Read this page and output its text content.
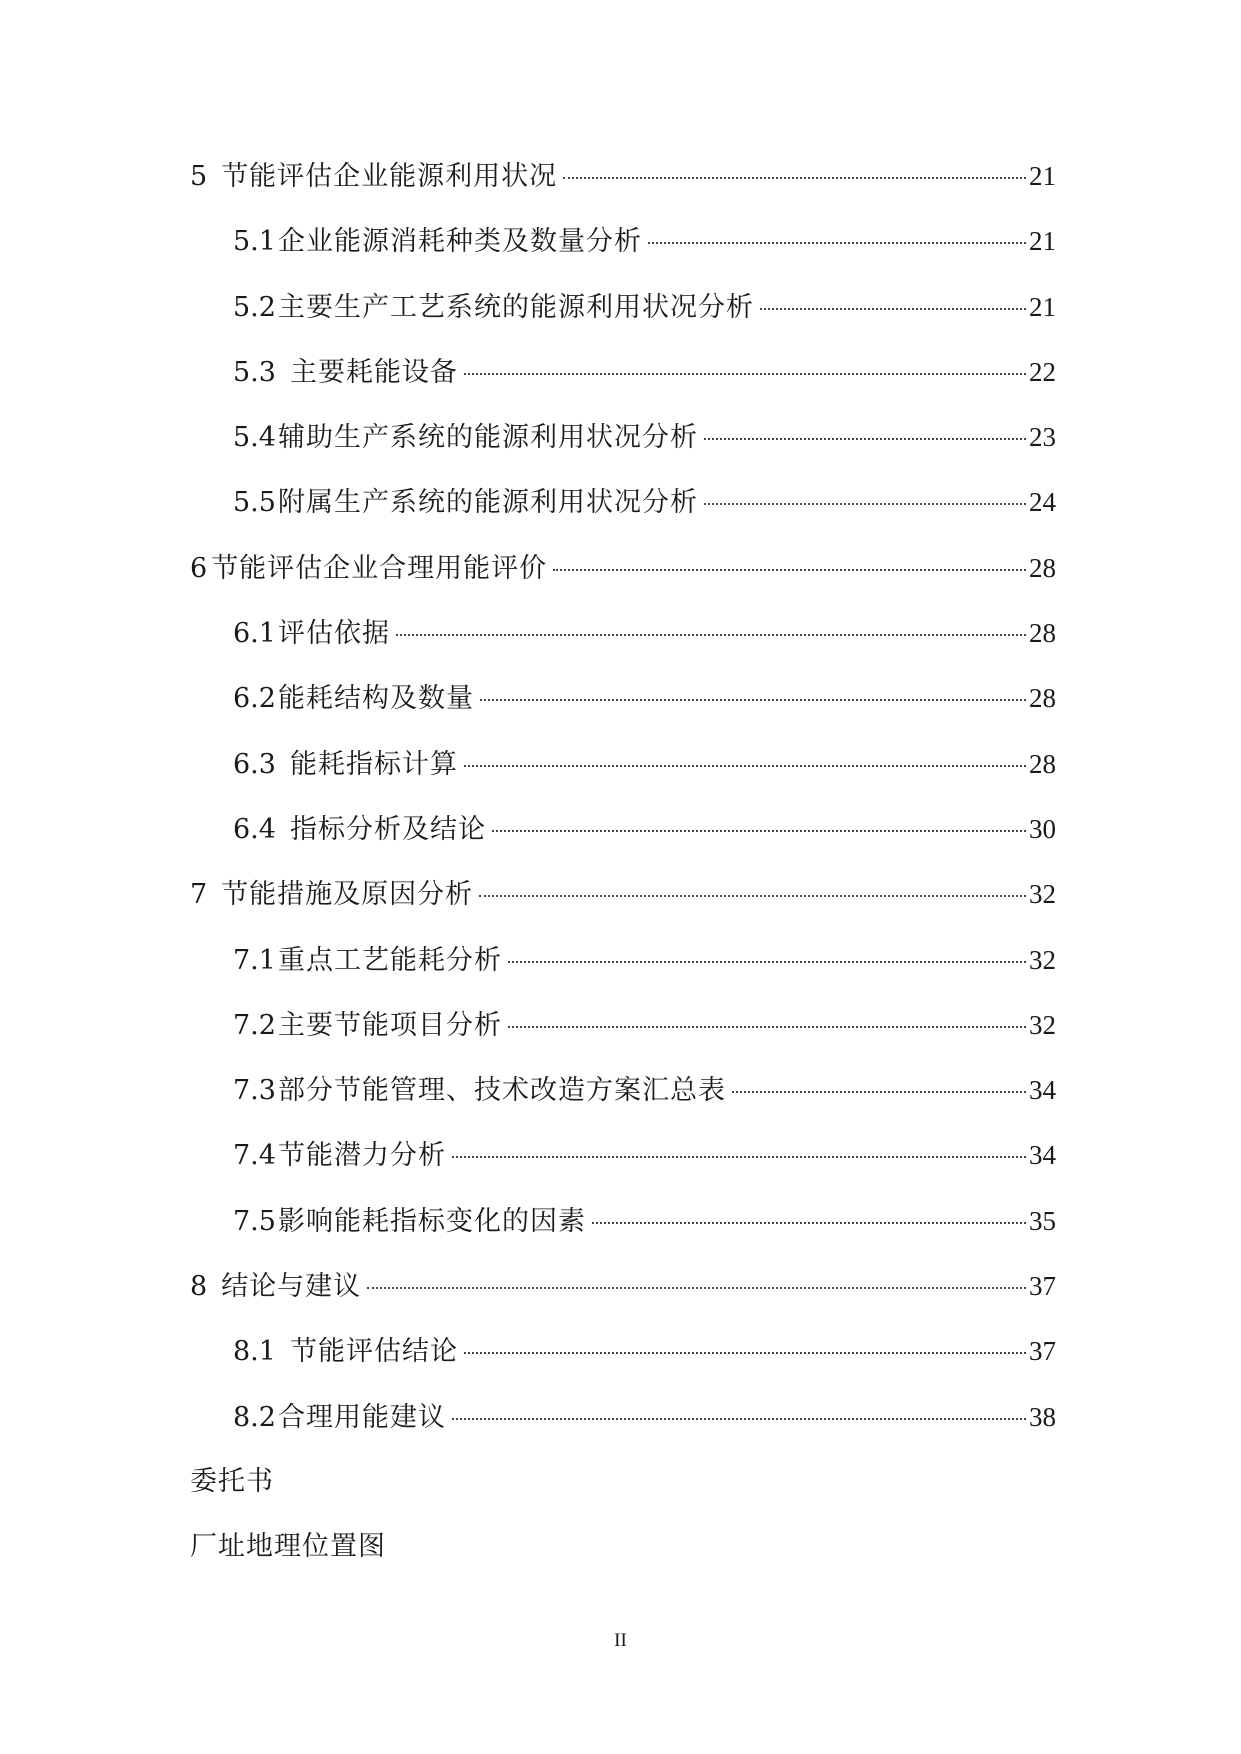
5 节能评估企业能源利用状况	21
5.1 企业能源消耗种类及数量分析	21
5.2 主要生产工艺系统的能源利用状况分析	21
5.3 主要耗能设备	22
5.4 辅助生产系统的能源利用状况分析	23
5.5 附属生产系统的能源利用状况分析	24
6 节能评估企业合理用能评价	28
6.1 评估依据	28
6.2 能耗结构及数量	28
6.3 能耗指标计算	28
6.4 指标分析及结论	30
7 节能措施及原因分析	32
7.1 重点工艺能耗分析	32
7.2 主要节能项目分析	32
7.3 部分节能管理、技术改造方案汇总表	34
7.4 节能潜力分析	34
7.5 影响能耗指标变化的因素	35
8 结论与建议	37
8.1 节能评估结论	37
8.2 合理用能建议	38
委托书
厂址地理位置图
II
